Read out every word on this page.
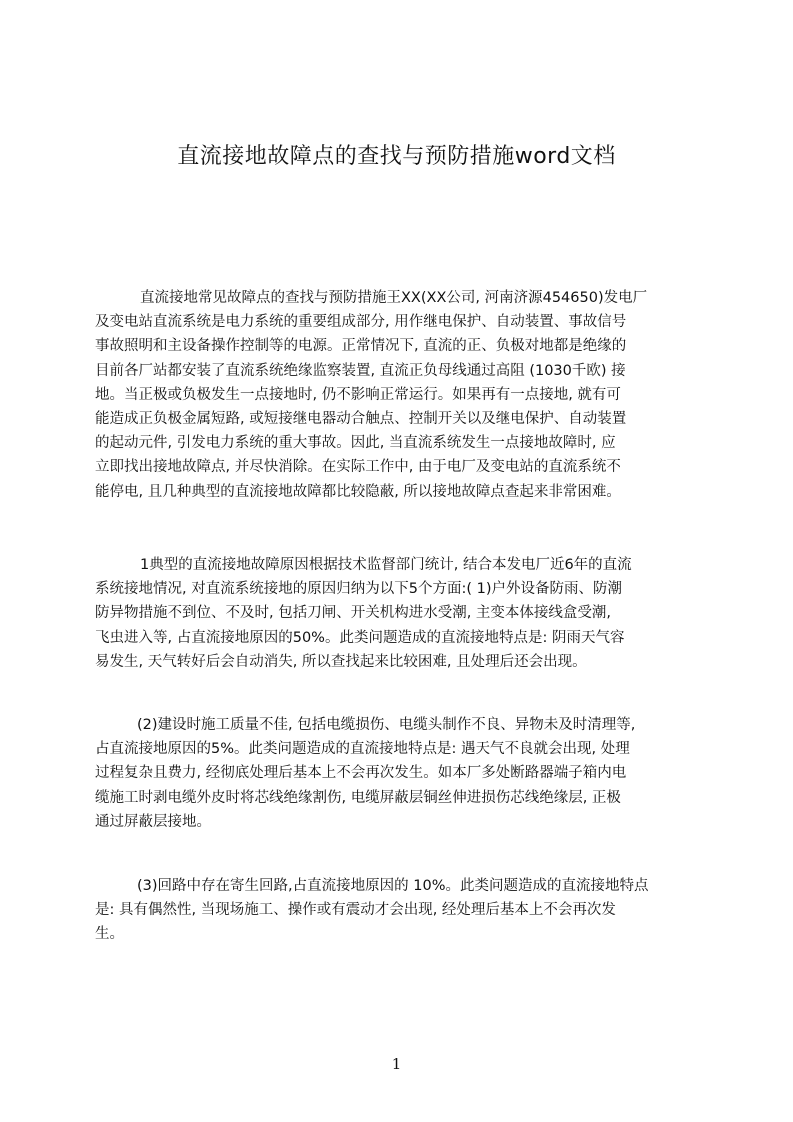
直流接地故障点的查找与预防措施word文档
直流接地常见故障点的查找与预防措施王XX(XX公司, 河南济源454650)发电厂
及变电站直流系统是电力系统的重要组成部分, 用作继电保护、自动装置、事故信号
事故照明和主设备操作控制等的电源。正常情况下, 直流的正、负极对地都是绝缘的
目前各厂站都安装了直流系统绝缘监察装置, 直流正负母线通过高阻 (1030千欧) 接
地。当正极或负极发生一点接地时, 仍不影响正常运行。如果再有一点接地, 就有可
能造成正负极金属短路, 或短接继电器动合触点、控制开关以及继电保护、自动装置
的起动元件, 引发电力系统的重大事故。因此, 当直流系统发生一点接地故障时, 应
立即找出接地故障点, 并尽快消除。在实际工作中, 由于电厂及变电站的直流系统不
能停电, 且几种典型的直流接地故障都比较隐蔽, 所以接地故障点查起来非常困难。
1典型的直流接地故障原因根据技术监督部门统计, 结合本发电厂近6年的直流
系统接地情况, 对直流系统接地的原因归纳为以下5个方面:( 1)户外设备防雨、防潮
防异物措施不到位、不及时, 包括刀闸、开关机构进水受潮, 主变本体接线盒受潮,
飞虫进入等, 占直流接地原因的50%。此类问题造成的直流接地特点是: 阴雨天气容
易发生, 天气转好后会自动消失, 所以查找起来比较困难, 且处理后还会出现。
(2)建设时施工质量不佳, 包括电缆损伤、电缆头制作不良、异物未及时清理等,
占直流接地原因的5%。此类问题造成的直流接地特点是: 遇天气不良就会出现, 处理
过程复杂且费力, 经彻底处理后基本上不会再次发生。如本厂多处断路器端子箱内电
缆施工时剥电缆外皮时将芯线绝缘割伤, 电缆屏蔽层铜丝伸进损伤芯线绝缘层, 正极
通过屏蔽层接地。
(3)回路中存在寄生回路,占直流接地原因的 10%。此类问题造成的直流接地特点
是: 具有偶然性, 当现场施工、操作或有震动才会出现, 经处理后基本上不会再次发
生。
1
